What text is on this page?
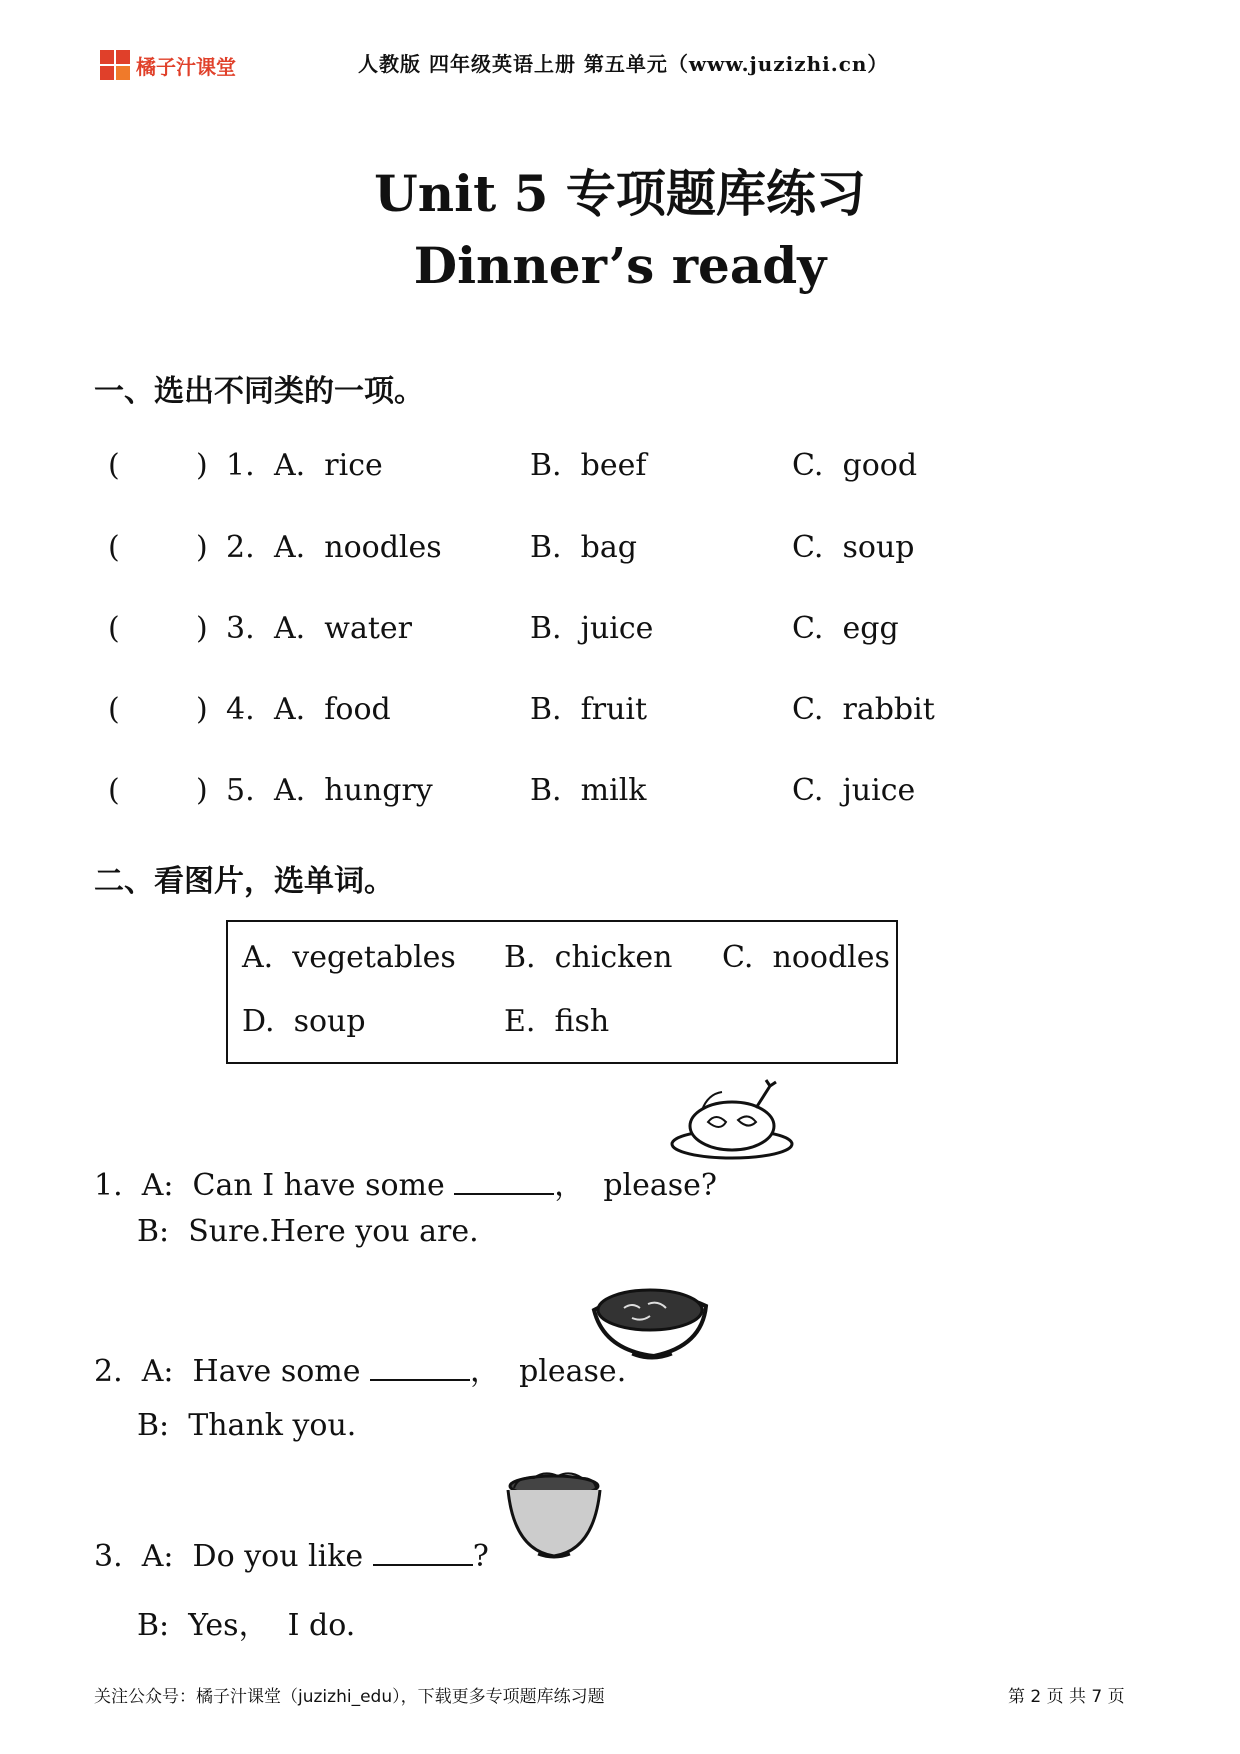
橘子汁课堂	人教版 四年级英语上册 第五单元（www.juzizhi.cn）
Unit 5 专项题库练习
Dinner’s ready
一、选出不同类的一项。
(	) 1. A.  rice	B.  beef	C.  good
(	) 2. A.  noodles	B.  bag	C.  soup
(	) 3. A.  water	B.  juice	C.  egg
(	) 4. A.  food	B.  fruit	C.  rabbit
(	) 5. A.  hungry	B.  milk	C.  juice
二、看图片，选单词。
A.  vegetables B.  chicken C.  noodles
D.  soup	E.  fish
1.  A:  Can I have some	，  please?
B:  Sure.Here you are.
2.  A:  Have some	，  please.
B:  Thank you.
3.  A:  Do you like	?
B:  Yes，  I do.
关注公众号：橘子汁课堂（juzizhi_edu），下载更多专项题库练习题	第 2 页 共 7 页
